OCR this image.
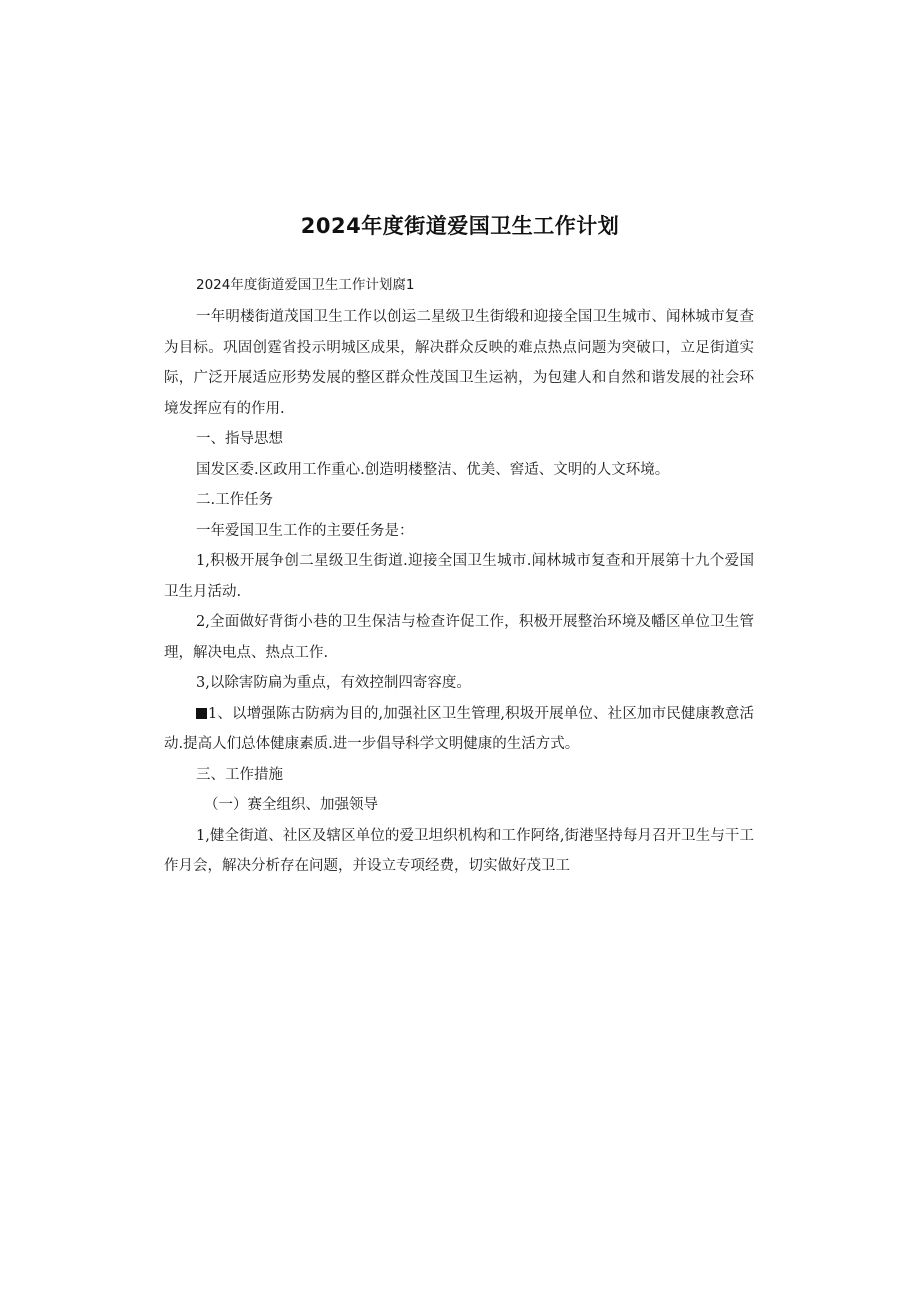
2024年度街道爱国卫生工作计划

2024年度街道爱国卫生工作计划腐1

一年明楼街道茂国卫生工作以创运二星级卫生街缎和迎接全国卫生城市、闻林城市复查为目标。巩固创霆省投示明城区成果，解决群众反映的难点热点问题为突破口，立足街道实际，广泛开展适应形势发展的整区群众性茂国卫生运衲，为包建人和自然和谐发展的社会环境发挥应有的作用.

一、指导思想

国发区委.区政用工作重心.创造明楼整洁、优美、窖适、文明的人文环境。

二.工作任务

一年爱国卫生工作的主要任务是：

1,积极开展争创二星级卫生街道.迎接全国卫生城市.闻林城市复查和开展第十九个爱国卫生月活动.

2,全面做好背街小巷的卫生保洁与检查许促工作，积极开展整治环境及幡区单位卫生管理，解决电点、热点工作.

3,以除害防扁为重点，有效控制四寄容度。

1、以增强陈古防病为目的,加强社区卫生管理,积圾开展单位、社区加市民健康教意活动.提高人们总体健康素质.进一步倡导科学文明健康的生活方式。

三、工作措施

（一）赛全组织、加强领导

1,健全街道、社区及辖区单位的爱卫坦织机构和工作阿络,街港坚持每月召开卫生与干工作月会，解决分析存在问题，并设立专项经费，切实做好茂卫工
